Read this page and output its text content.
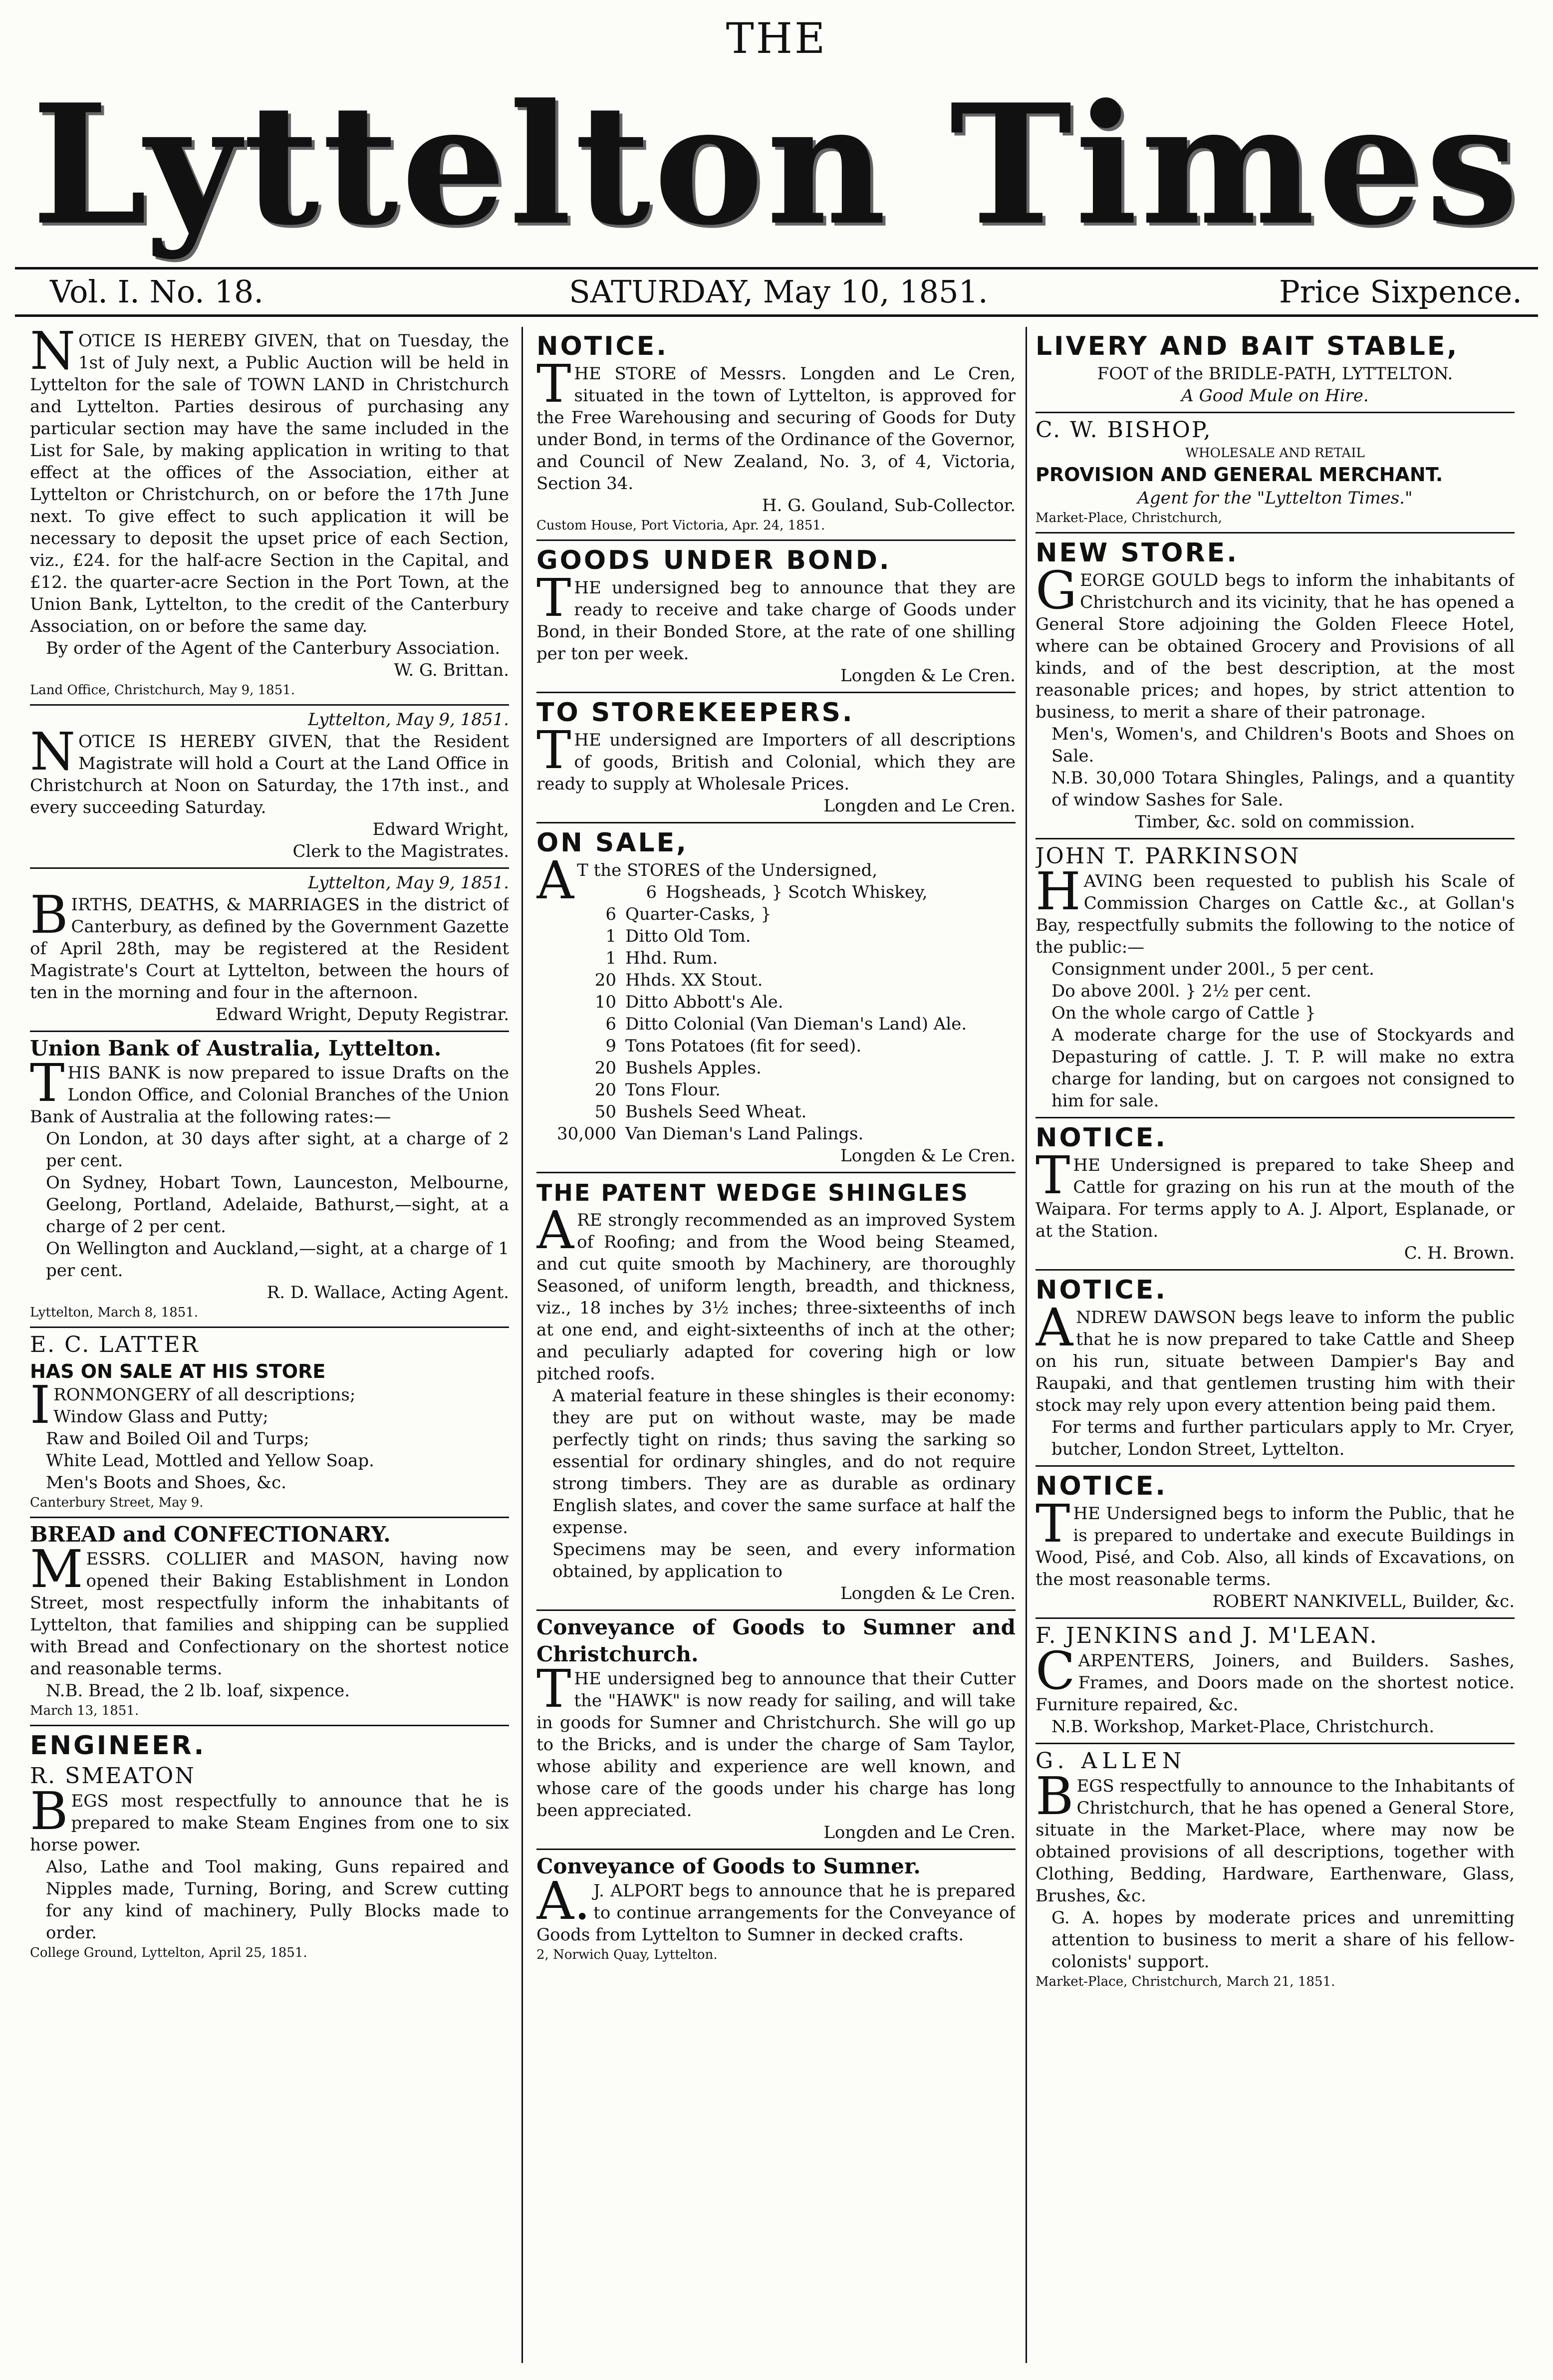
THE
Lyttelton Times
Vol. I. No. 18.	SATURDAY, May 10, 1851.	Price Sixpence.

NOTICE IS HEREBY GIVEN, that on Tuesday, the 1st of July next, a Public Auction will be held in Lyttelton for the sale of TOWN LAND in Christchurch and Lyttelton. Parties desirous of purchasing any particular section may have the same included in the List for Sale, by making application in writing to that effect at the offices of the Association, either at Lyttelton or Christchurch, on or before the 17th June next. To give effect to such application it will be necessary to deposit the upset price of each Section, viz., £24. for the half-acre Section in the Capital, and £12. the quarter-acre Section in the Port Town, at the Union Bank, Lyttelton, to the credit of the Canterbury Association, on or before the same day.

By order of the Agent of the Canterbury Association.

W. G. Brittan.

Land Office, Christchurch, May 9, 1851.

Lyttelton, May 9, 1851.

NOTICE IS HEREBY GIVEN, that the Resident Magistrate will hold a Court at the Land Office in Christchurch at Noon on Saturday, the 17th inst., and every succeeding Saturday.

Edward Wright,

Clerk to the Magistrates.

Lyttelton, May 9, 1851.

BIRTHS, DEATHS, & MARRIAGES in the district of Canterbury, as defined by the Government Gazette of April 28th, may be registered at the Resident Magistrate's Court at Lyttelton, between the hours of ten in the morning and four in the afternoon.

Edward Wright, Deputy Registrar.

Union Bank of Australia, Lyttelton.

THIS BANK is now prepared to issue Drafts on the London Office, and Colonial Branches of the Union Bank of Australia at the following rates:—

On London, at 30 days after sight, at a charge of 2 per cent.

On Sydney, Hobart Town, Launceston, Melbourne, Geelong, Portland, Adelaide, Bathurst,—sight, at a charge of 2 per cent.

On Wellington and Auckland,—sight, at a charge of 1 per cent.

R. D. Wallace, Acting Agent.

Lyttelton, March 8, 1851.

E. C. LATTER

HAS ON SALE AT HIS STORE

IRONMONGERY of all descriptions;

Window Glass and Putty;

Raw and Boiled Oil and Turps;

White Lead, Mottled and Yellow Soap.

Men's Boots and Shoes, &c.

Canterbury Street, May 9.

BREAD and CONFECTIONARY.

MESSRS. COLLIER and MASON, having now opened their Baking Establishment in London Street, most respectfully inform the inhabitants of Lyttelton, that families and shipping can be supplied with Bread and Confectionary on the shortest notice and reasonable terms.

N.B. Bread, the 2 lb. loaf, sixpence.

March 13, 1851.

ENGINEER.

R. SMEATON

BEGS most respectfully to announce that he is prepared to make Steam Engines from one to six horse power.

Also, Lathe and Tool making, Guns repaired and Nipples made, Turning, Boring, and Screw cutting for any kind of machinery, Pully Blocks made to order.

College Ground, Lyttelton, April 25, 1851.

NOTICE.

THE STORE of Messrs. Longden and Le Cren, situated in the town of Lyttelton, is approved for the Free Warehousing and securing of Goods for Duty under Bond, in terms of the Ordinance of the Governor, and Council of New Zealand, No. 3, of 4, Victoria, Section 34.

H. G. Gouland, Sub-Collector.

Custom House, Port Victoria, Apr. 24, 1851.

GOODS UNDER BOND.

THE undersigned beg to announce that they are ready to receive and take charge of Goods under Bond, in their Bonded Store, at the rate of one shilling per ton per week.

Longden & Le Cren.

TO STOREKEEPERS.

THE undersigned are Importers of all descriptions of goods, British and Colonial, which they are ready to supply at Wholesale Prices.

Longden and Le Cren.

ON SALE,

AT the STORES of the Undersigned,

6 Hogsheads, } Scotch Whiskey,
6 Quarter-Casks, }
1 Ditto Old Tom.
1 Hhd. Rum.
20 Hhds. XX Stout.
10 Ditto Abbott's Ale.
6 Ditto Colonial (Van Dieman's Land) Ale.
9 Tons Potatoes (fit for seed).
20 Bushels Apples.
20 Tons Flour.
50 Bushels Seed Wheat.
30,000 Van Dieman's Land Palings.

Longden & Le Cren.

THE PATENT WEDGE SHINGLES

ARE strongly recommended as an improved System of Roofing; and from the Wood being Steamed, and cut quite smooth by Machinery, are thoroughly Seasoned, of uniform length, breadth, and thickness, viz., 18 inches by 3½ inches; three-sixteenths of inch at one end, and eight-sixteenths of inch at the other; and peculiarly adapted for covering high or low pitched roofs.

A material feature in these shingles is their economy: they are put on without waste, may be made perfectly tight on rinds; thus saving the sarking so essential for ordinary shingles, and do not require strong timbers. They are as durable as ordinary English slates, and cover the same surface at half the expense.

Specimens may be seen, and every information obtained, by application to

Longden & Le Cren.

Conveyance of Goods to Sumner and Christchurch.

THE undersigned beg to announce that their Cutter the "HAWK" is now ready for sailing, and will take in goods for Sumner and Christchurch. She will go up to the Bricks, and is under the charge of Sam Taylor, whose ability and experience are well known, and whose care of the goods under his charge has long been appreciated.

Longden and Le Cren.

Conveyance of Goods to Sumner.

A.J. ALPORT begs to announce that he is prepared to continue arrangements for the Conveyance of Goods from Lyttelton to Sumner in decked crafts.

2, Norwich Quay, Lyttelton.

LIVERY AND BAIT STABLE,

FOOT of the BRIDLE-PATH, LYTTELTON.

A Good Mule on Hire.

C. W. BISHOP,

WHOLESALE AND RETAIL

PROVISION AND GENERAL MERCHANT.

Agent for the "Lyttelton Times."

Market-Place, Christchurch,

NEW STORE.

GEORGE GOULD begs to inform the inhabitants of Christchurch and its vicinity, that he has opened a General Store adjoining the Golden Fleece Hotel, where can be obtained Grocery and Provisions of all kinds, and of the best description, at the most reasonable prices; and hopes, by strict attention to business, to merit a share of their patronage.

Men's, Women's, and Children's Boots and Shoes on Sale.

N.B. 30,000 Totara Shingles, Palings, and a quantity of window Sashes for Sale.

Timber, &c. sold on commission.

JOHN T. PARKINSON

HAVING been requested to publish his Scale of Commission Charges on Cattle &c., at Gollan's Bay, respectfully submits the following to the notice of the public:—

Consignment under 200l., 5 per cent.

Do above 200l. } 2½ per cent.

On the whole cargo of Cattle }

A moderate charge for the use of Stockyards and Depasturing of cattle. J. T. P. will make no extra charge for landing, but on cargoes not consigned to him for sale.

NOTICE.

THE Undersigned is prepared to take Sheep and Cattle for grazing on his run at the mouth of the Waipara. For terms apply to A. J. Alport, Esplanade, or at the Station.

C. H. Brown.

NOTICE.

ANDREW DAWSON begs leave to inform the public that he is now prepared to take Cattle and Sheep on his run, situate between Dampier's Bay and Raupaki, and that gentlemen trusting him with their stock may rely upon every attention being paid them.

For terms and further particulars apply to Mr. Cryer, butcher, London Street, Lyttelton.

NOTICE.

THE Undersigned begs to inform the Public, that he is prepared to undertake and execute Buildings in Wood, Pisé, and Cob. Also, all kinds of Excavations, on the most reasonable terms.

ROBERT NANKIVELL, Builder, &c.

F. JENKINS and J. M'LEAN.

CARPENTERS, Joiners, and Builders. Sashes, Frames, and Doors made on the shortest notice. Furniture repaired, &c.

N.B. Workshop, Market-Place, Christchurch.

G. ALLEN

BEGS respectfully to announce to the Inhabitants of Christchurch, that he has opened a General Store, situate in the Market-Place, where may now be obtained provisions of all descriptions, together with Clothing, Bedding, Hardware, Earthenware, Glass, Brushes, &c.

G. A. hopes by moderate prices and unremitting attention to business to merit a share of his fellow-colonists' support.

Market-Place, Christchurch, March 21, 1851.
